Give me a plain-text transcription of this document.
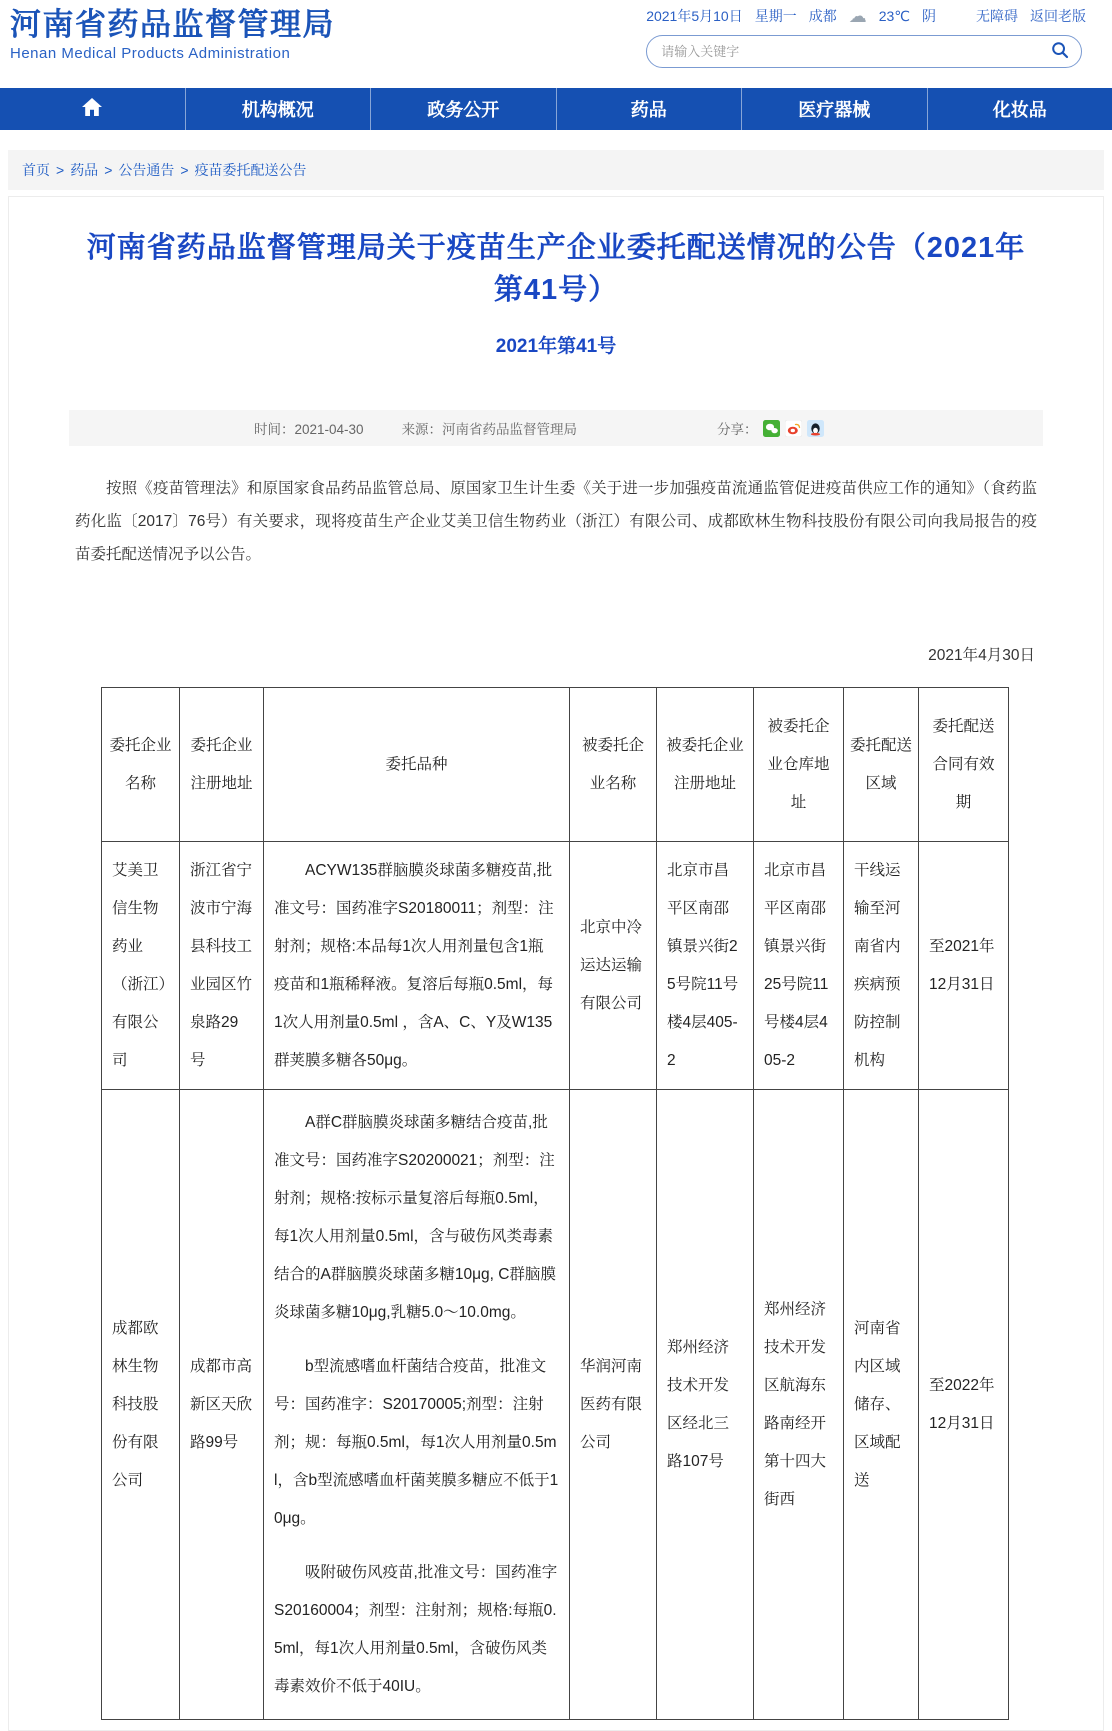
河南省药品监督管理局
Henan Medical Products Administration
2021年5月10日 星期一 成都 ☁ 23℃ 阴	无障碍 返回老版
请输入关键字
机构概况	政务公开	药品	医疗器械	化妆品
首页 > 药品 > 公告通告 > 疫苗委托配送公告
河南省药品监督管理局关于疫苗生产企业委托配送情况的公告（2021年第41号）
2021年第41号
时间：2021-04-30	来源：河南省药品监督管理局	分享：
按照《疫苗管理法》和原国家食品药品监管总局、原国家卫生计生委《关于进一步加强疫苗流通监管促进疫苗供应工作的通知》（食药监药化监〔2017〕76号）有关要求，现将疫苗生产企业艾美卫信生物药业（浙江）有限公司、成都欧林生物科技股份有限公司向我局报告的疫苗委托配送情况予以公告。
2021年4月30日
委托企业名称	委托企业注册地址	委托品种	被委托企业名称	被委托企业注册地址	被委托企业仓库地址	委托配送区域	委托配送合同有效期
艾美卫信生物药业（浙江）有限公司	浙江省宁波市宁海县科技工业园区竹泉路29号	ACYW135群脑膜炎球菌多糖疫苗,批准文号：国药准字S20180011；剂型：注射剂；规格:本品每1次人用剂量包含1瓶疫苗和1瓶稀释液。复溶后每瓶0.5ml，每1次人用剂量0.5ml ，含A、C、Y及W135群荚膜多糖各50μg。	北京中冷运达运输有限公司	北京市昌平区南邵镇景兴街25号院11号楼4层405-2	北京市昌平区南邵镇景兴街25号院11号楼4层405-2	干线运输至河南省内疾病预防控制机构	至2021年12月31日
成都欧林生物科技股份有限公司	成都市高新区天欣路99号	A群C群脑膜炎球菌多糖结合疫苗,批准文号：国药准字S20200021；剂型：注射剂；规格:按标示量复溶后每瓶0.5ml，每1次人用剂量0.5ml，含与破伤风类毒素结合的A群脑膜炎球菌多糖10μg, C群脑膜炎球菌多糖10μg,乳糖5.0～10.0mg。

b型流感嗜血杆菌结合疫苗，批准文号：国药准字：S20170005;剂型：注射剂；规：每瓶0.5ml，每1次人用剂量0.5ml，含b型流感嗜血杆菌荚膜多糖应不低于10μg。

吸附破伤风疫苗,批准文号：国药准字S20160004；剂型：注射剂；规格:每瓶0.5ml，每1次人用剂量0.5ml，含破伤风类毒素效价不低于40IU。	华润河南医药有限公司	郑州经济技术开发区经北三路107号	郑州经济技术开发区航海东路南经开第十四大街西	河南省内区域储存、区域配送	至2022年12月31日
